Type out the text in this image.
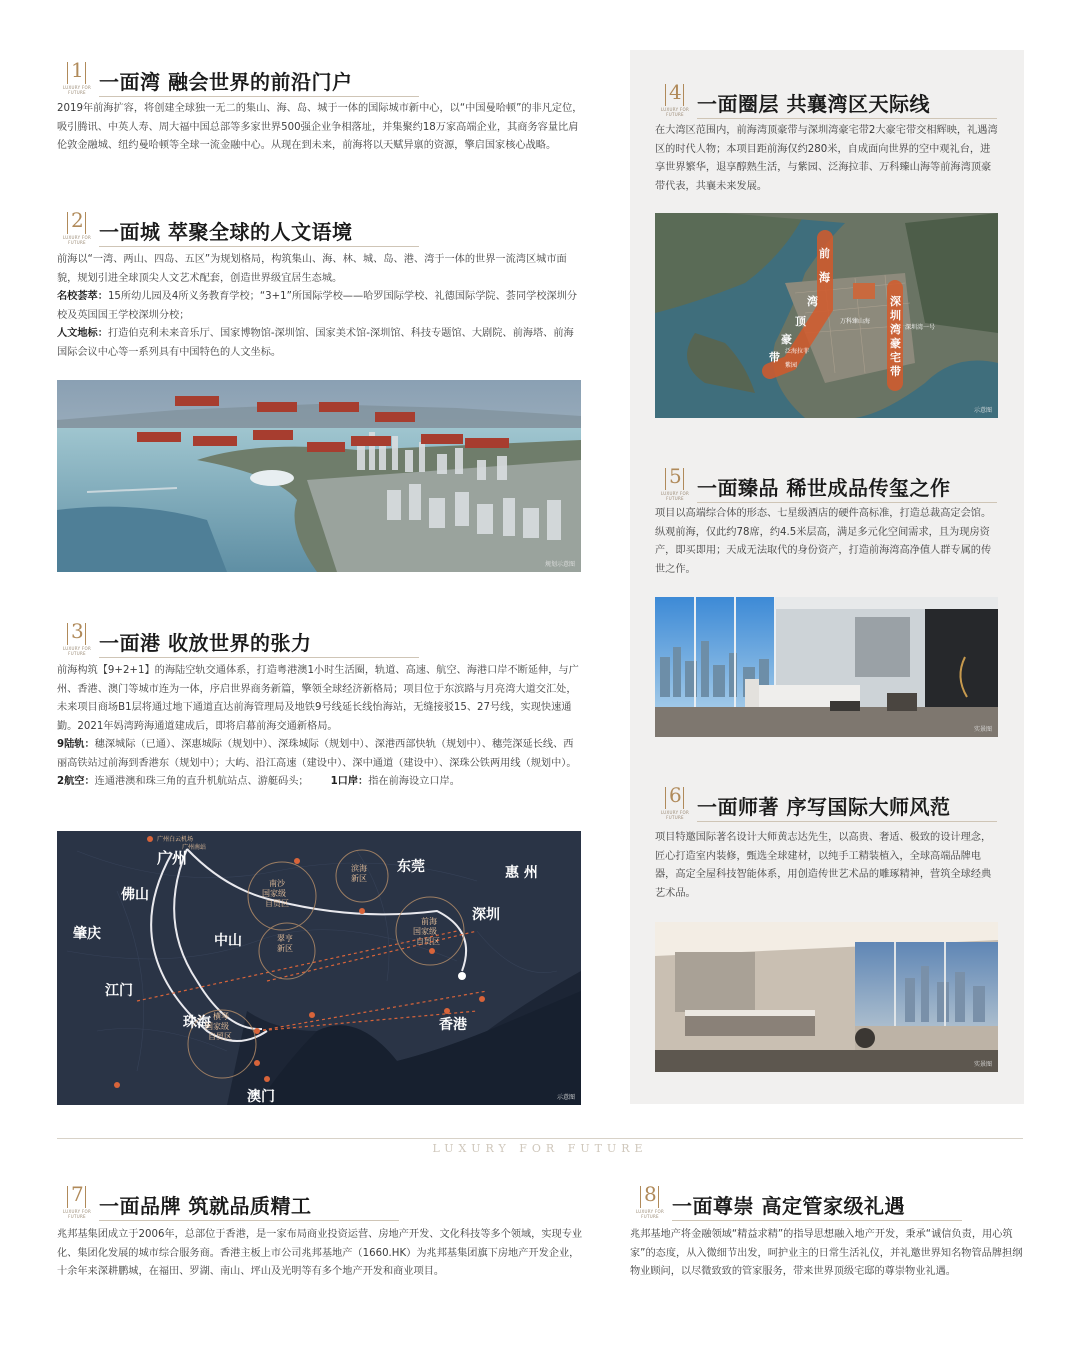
1
LUXURY FOR FUTURE 一面湾 融会世界的前沿门户
2019年前海扩容，将创建全球独一无二的集山、海、岛、城于一体的国际城市新中心，以“中国曼哈顿”的非凡定位，吸引腾讯、中英人寿、周大福中国总部等多家世界500强企业争相落址，并集聚约18万家高端企业，其商务容量比肩伦敦金融城、纽约曼哈顿等全球一流金融中心。从现在到未来，前海将以天赋异禀的资源，擎启国家核心战略。
2
LUXURY FOR FUTURE 一面城 萃聚全球的人文语境
前海以“一湾、两山、四岛、五区”为规划格局，构筑集山、海、林、城、岛、港、湾于一体的世界一流湾区城市面貌，规划引进全球顶尖人文艺术配套，创造世界级宜居生态城。
名校荟萃：15所幼儿园及4所义务教育学校；“3+1”所国际学校——哈罗国际学校、礼德国际学院、荟同学校深圳分校及英国国王学校深圳分校；
人文地标：打造伯克利未来音乐厅、国家博物馆-深圳馆、国家美术馆-深圳馆、科技专题馆、大剧院、前海塔、前海国际会议中心等一系列具有中国特色的人文坐标。
规划示意图
3
LUXURY FOR FUTURE 一面港 收放世界的张力
前海构筑【9+2+1】的海陆空轨交通体系，打造粤港澳1小时生活圈，轨道、高速、航空、海港口岸不断延伸，与广州、香港、澳门等城市连为一体，序启世界商务新篇，擎领全球经济新格局；项目位于东滨路与月亮湾大道交汇处，未来项目商场B1层将通过地下通道直达前海管理局及地铁9号线延长线怡海站，无缝接驳15、27号线，实现快速通勤。2021年妈湾跨海通道建成后，即将启幕前海交通新格局。
9陆轨：穗深城际（已通）、深惠城际（规划中）、深珠城际（规划中）、深港西部快轨（规划中）、穗莞深延长线、西丽高铁站过前海到香港东（规划中）；大屿、沿江高速（建设中）、深中通道（建设中）、深珠公铁两用线（规划中）。
2航空：连通港澳和珠三角的直升机航站点、游艇码头； 1口岸：指在前海设立口岸。
广州
佛山
肇庆	中山
江门
珠海
澳门
东莞	惠 州
深圳
香港
南沙国家级自贸区
滨海新区
翠亨新区
前海国家级自贸区
横琴国家级自贸区
广州白云机场
广州南站
示意图
4
LUXURY FOR FUTURE 一面圈层 共襄湾区天际线
在大湾区范围内，前海湾顶豪带与深圳湾豪宅带2大豪宅带交相辉映，礼遇湾区的时代人物；本项目距前海仅约280米，自成面向世界的空中观礼台，进享世界繁华，退享醇熟生活，与紫园、泛海拉菲、万科臻山海等前海湾顶豪带代表，共襄未来发展。
前海湾顶豪带
深圳湾豪宅带
万科臻山海
泛海拉菲
紫园
深圳湾一号
示意图
5
LUXURY FOR FUTURE 一面臻品 稀世成品传玺之作
项目以高端综合体的形态、七星级酒店的硬件高标准，打造总裁高定会馆。纵观前海，仅此约78席，约4.5米层高，满足多元化空间需求，且为现房资产，即买即用；天成无法取代的身份资产，打造前海湾高净值人群专属的传世之作。
实景图
6
LUXURY FOR FUTURE 一面师著 序写国际大师风范
项目特邀国际著名设计大师黄志达先生，以高贵、奢适、极致的设计理念，匠心打造室内装修，甄选全球建材，以纯手工精装植入，全球高端品牌电器，高定全屋科技智能体系，用创造传世艺术品的雕琢精神，营筑全球经典艺术品。
实景图
LUXURY FOR FUTURE
7
LUXURY FOR FUTURE 一面品牌 筑就品质精工
兆邦基集团成立于2006年，总部位于香港，是一家布局商业投资运营、房地产开发、文化科技等多个领域，实现专业化、集团化发展的城市综合服务商。香港主板上市公司兆邦基地产（1660.HK）为兆邦基集团旗下房地产开发企业，十余年来深耕鹏城，在福田、罗湖、南山、坪山及光明等有多个地产开发和商业项目。
8
LUXURY FOR FUTURE 一面尊崇 高定管家级礼遇
兆邦基地产将金融领域“精益求精”的指导思想融入地产开发，秉承“诚信负责，用心筑家”的态度，从入微细节出发，呵护业主的日常生活礼仪，并礼邀世界知名物管品牌担纲物业顾问，以尽微致致的管家服务，带来世界顶级宅邸的尊崇物业礼遇。
